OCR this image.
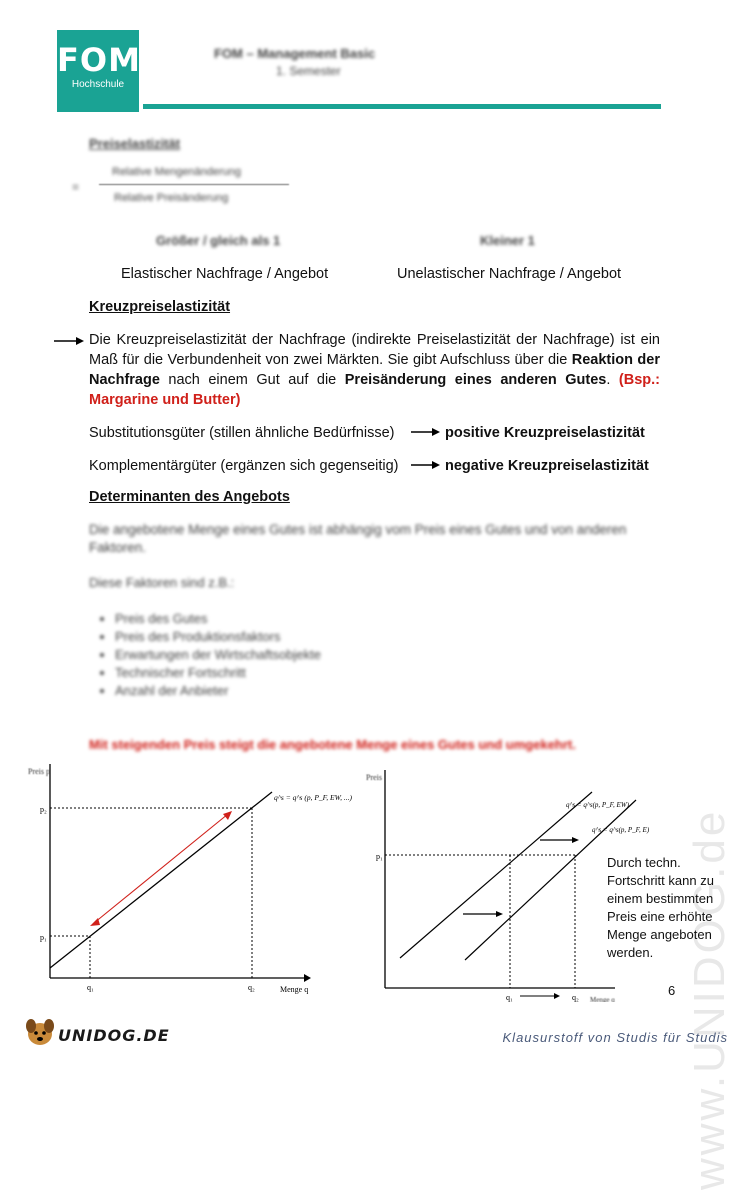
www.UNIDOG.de
FOM
Hochschule
FOM – Management Basic
1. Semester
Preiselastizität
=
Relative Mengenänderung
Relative Preisänderung
Größer / gleich als 1	Kleiner 1
Elastischer Nachfrage / Angebot	Unelastischer Nachfrage / Angebot
Kreuzpreiselastizität
Die Kreuzpreiselastizität der Nachfrage (indirekte Preiselastizität der Nachfrage) ist ein Maß für die Verbundenheit von zwei Märkten. Sie gibt Aufschluss über die Reaktion der Nachfrage nach einem Gut auf die Preisänderung eines anderen Gutes. (Bsp.: Margarine und Butter)
Substitutionsgüter (stillen ähnliche Bedürfnisse)	positive Kreuzpreiselastizität
Komplementärgüter (ergänzen sich gegenseitig)	negative Kreuzpreiselastizität
Determinanten des Angebots
Die angebotene Menge eines Gutes ist abhängig vom Preis eines Gutes und von anderen Faktoren.
Diese Faktoren sind z.B.:
• Preis des Gutes
• Preis des Produktionsfaktors
• Erwartungen der Wirtschaftsobjekte
• Technischer Fortschritt
• Anzahl der Anbieter
Mit steigenden Preis steigt die angebotene Menge eines Gutes und umgekehrt.
Preis p
p₂
p₁
q₁	q₂	Menge q
q^s = q^s (p, P_F, EW, ...)
Preis
p₁
q₁	q₂ Menge q
q^s = q^s(p, P_F, EW)
q^s = q^s(p, P_F, E)
Durch techn. Fortschritt kann zu einem bestimmten Preis eine erhöhte Menge angeboten werden.
6
UNIDOG.DE	Klausurstoff von Studis für Studis
